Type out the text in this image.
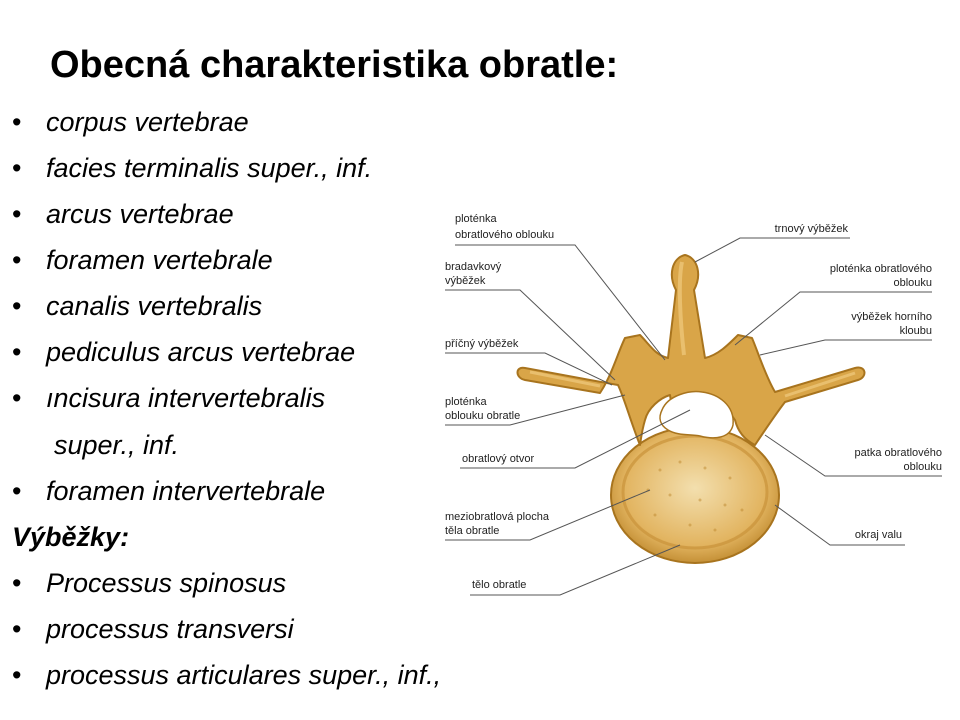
Obecná charakteristika obratle:
• corpus vertebrae
• facies terminalis super., inf.
• arcus vertebrae
• foramen vertebrale
• canalis vertebralis
• pediculus arcus vertebrae
• ıncisura intervertebralis
super., inf.
• foramen intervertebrale
Výběžky:
• Processus spinosus
• processus transversi
• processus articulares super., inf.,
ploténka
obratlového oblouku
bradavkový
výběžek
příčný výběžek
ploténka
oblouku obratle
obratlový otvor
meziobratlová plocha
těla obratle
tělo obratle
trnový výběžek
ploténka obratlového
oblouku
výběžek horního
kloubu
patka obratlového
oblouku
okraj valu
